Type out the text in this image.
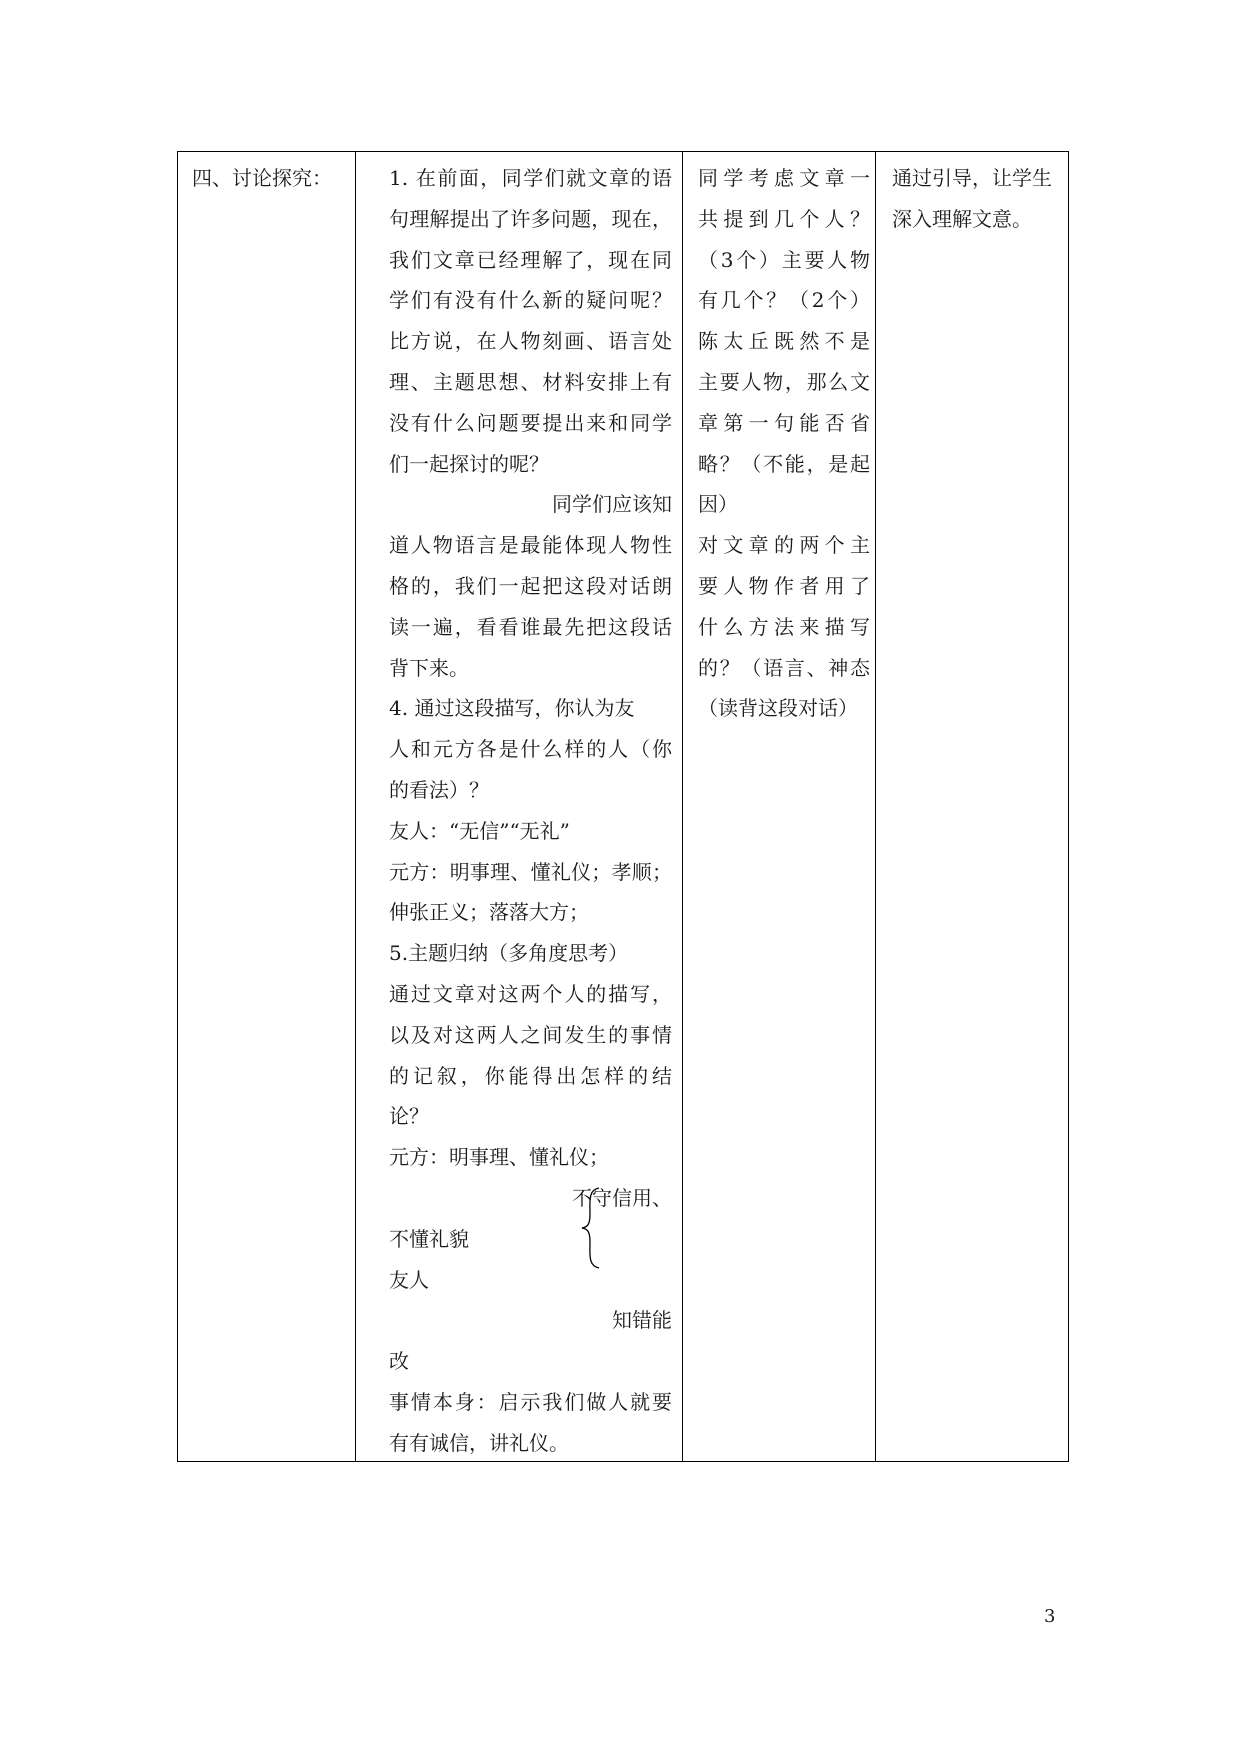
四、讨论探究：	1. 在前面，同学们就文章的语
句理解提出了许多问题，现在，
我们文章已经理解了，现在同
学们有没有什么新的疑问呢？
比方说，在人物刻画、语言处
理、主题思想、材料安排上有
没有什么问题要提出来和同学
们一起探讨的呢？
同学们应该知
道人物语言是最能体现人物性
格的，我们一起把这段对话朗
读一遍，看看谁最先把这段话
背下来。
4. 通过这段描写，你认为友
人和元方各是什么样的人（你
的看法）？
友人：“无信”“无礼”
元方：明事理、懂礼仪；孝顺；
伸张正义；落落大方；
5.主题归纳（多角度思考）
通过文章对这两个人的描写，
以及对这两人之间发生的事情
的记叙，你能得出怎样的结
论？
元方：明事理、懂礼仪；
不守信用、
不懂礼貌
友人
知错能
改
事情本身：启示我们做人就要
有有诚信，讲礼仪。
同学考虑文章一
共提到几个人？
（3个）主要人物
有几个？（2个）
陈太丘既然不是
主要人物，那么文
章第一句能否省
略？（不能，是起
因）
对文章的两个主
要人物作者用了
什么方法来描写
的？（语言、神态
（读背这段对话）
通过引导，让学生
深入理解文意。
3
